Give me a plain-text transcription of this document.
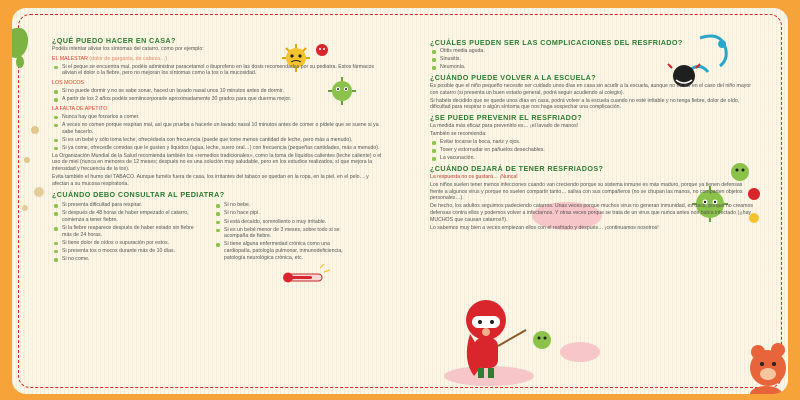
¿QUÉ PUEDO HACER EN CASA?
Podéis intentar aliviar los síntomas del catarro, como por ejemplo:
EL MALESTAR (dolor de garganta, de cabeza…)
Si el peque se encuentra mal, podéis administrar paracetamol o ibuprofeno en las dosis recomendadas por su pediatra. Estos fármacos alivian el dolor o la fiebre, pero no mejoran los síntomas como la tos o la mucosidad.
LOS MOCOS
Si no puede dormir y no se sabe sonar, haced un lavado nasal unos 10 minutos antes de dormir.
A partir de los 2 años podéis semiincorporarle aproximadamente 30 grados para que duerma mejor.
LA FALTA DE APETITO
Nunca hay que forzarlos a comer.
A veces no comen porque respiran mal, así que prueba a hacerle un lavado nasal 10 minutos antes de comer o pídele que se suene si ya sabe hacerlo.
Si es un bebé y sólo toma leche, ofrecédsela con frecuencia (puede que tome menos cantidad de leche, pero más a menudo).
Si ya come, ofrecedle comidas que le gusten y líquidos (agua, leche, suero oral…) con frecuencia (pequeñas cantidades, más a menudo).
La Organización Mundial de la Salud recomienda también los «remedios tradicionales», como la toma de líquidos calientes (leche caliente) o el uso de miel (nunca en menores de 12 meses; después no es una solución muy saludable, pero en los estudios realizados, sí que mejora la intensidad y frecuencia de la tos).
Evita también el humo del TABACO. Aunque fuméis fuera de casa, los irritantes del tabaco se quedan en la ropa, en la piel, en el pelo… y afectan a su mucosa respiratoria.
¿CUÁNDO DEBO CONSULTAR AL PEDIATRA?
Si presenta dificultad para respirar.
Si después de 48 horas de haber empezado el catarro, comienza a tener fiebre.
Si la fiebre reaparece después de haber estado sin fiebre más de 24 horas.
Si tiene dolor de oídos o supuración por estos.
Si presenta tos o mocos durante más de 10 días.
Si no come.
Si no bebe.
Si no hace pipí.
Si está decaído, somnoliento o muy irritable.
Si es un bebé menor de 3 meses, sobre todo si se acompaña de fiebre.
Si tiene alguna enfermedad crónica como una cardiopatía, patología pulmonar, inmunodeficiencia, patología neurológica crónica, etc.
¿CUÁLES PUEDEN SER LAS COMPLICACIONES DEL RESFRIADO?
Otitis media aguda.
Sinusitis.
Neumonía.
¿CUÁNDO PUEDE VOLVER A LA ESCUELA?
Es posible que el niño pequeño necesite ser cuidado unos días en casa sin acudir a la escuela, aunque no es así en el caso del niño mayor con catarro (si presenta un buen estado general, podrá seguir acudiendo al colegio).
Si habéis decidido que se quede unos días en casa, podrá volver a la escuela cuando no esté irritable y no tenga fiebre, dolor de oído, dificultad para respirar o algún síntoma que nos haga sospechar una complicación.
¿SE PUEDE PREVENIR EL RESFRIADO?
La medida más eficaz para prevenirlo es… ¡el lavado de manos!
También se recomienda:
Evitar tocarse la boca, nariz y ojos.
Toser y estornudar en pañuelos desechables.
La vacunación.
¿CUÁNDO DEJARÁ DE TENER RESFRIADOS?
La respuesta no os gustará… ¡Nunca!
Los niños suelen tener menos infecciones cuando van creciendo porque su sistema inmune es más maduro, porque ya tienen defensas frente a algunos virus y porque no suelen compartir tanto… saliva con sus compañeros (no se chupan las manos, no comparten objetos personales…).
De hecho, los adultos seguimos padeciendo catarros. Unas veces porque muchos virus no generan inmunidad, es decir, porque no creamos defensas contra ellos y podemos volver a infectarnos. Y otras veces porque se trata de un virus que nunca antes nos había infectado (¡¡hay MUCHOS que causan catarros!!).
Lo sabemos muy bien a veces empiezan ellos con el resfriado y después… ¡continuamos nosotros!
